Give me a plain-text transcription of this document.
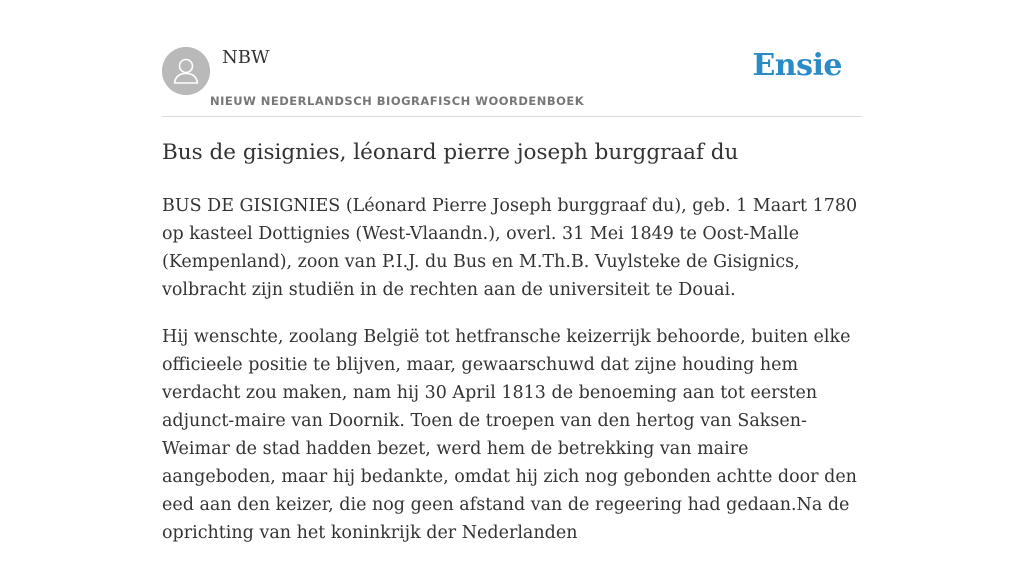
NBW
NIEUW NEDERLANDSCH BIOGRAFISCH WOORDENBOEK
Ensie
Bus de gisignies, léonard pierre joseph burggraaf du

BUS DE GISIGNIES (Léonard Pierre Joseph burggraaf du), geb. 1 Maart 1780 op kasteel Dottignies (West-Vlaandn.), overl. 31 Mei 1849 te Oost-Malle (Kempenland), zoon van P.I.J. du Bus en M.Th.B. Vuylsteke de Gisignics, volbracht zijn studiën in de rechten aan de universiteit te Douai.

Hij wenschte, zoolang België tot hetfransche keizerrijk behoorde, buiten elke officieele positie te blijven, maar, gewaarschuwd dat zijne houding hem verdacht zou maken, nam hij 30 April 1813 de benoeming aan tot eersten adjunct-maire van Doornik. Toen de troepen van den hertog van Saksen-Weimar de stad hadden bezet, werd hem de betrekking van maire aangeboden, maar hij bedankte, omdat hij zich nog gebonden achtte door den eed aan den keizer, die nog geen afstand van de regeering had gedaan.Na de oprichting van het koninkrijk der Nederlanden
